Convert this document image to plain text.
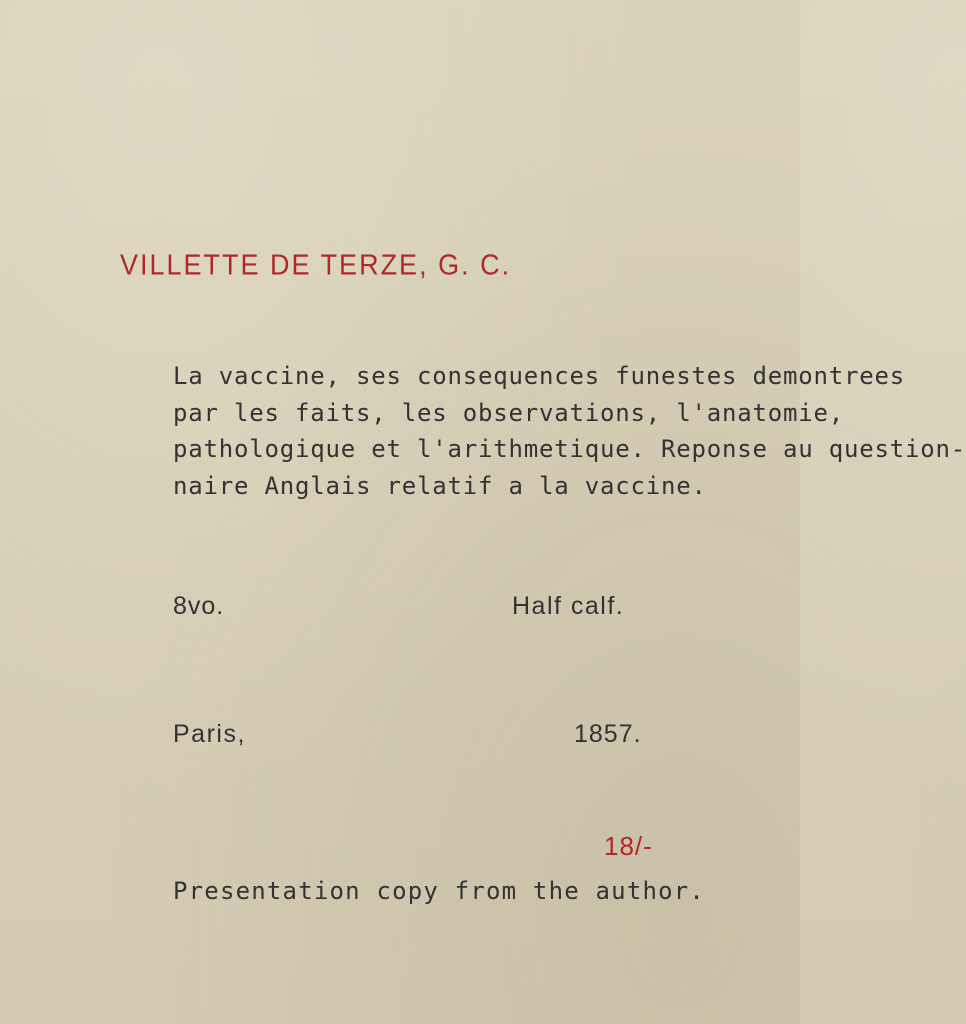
VILLETTE DE TERZE, G. C.
La vaccine, ses consequences funestes demontrees
par les faits, les observations, l'anatomie,
pathologique et l'arithmetique. Reponse au question-
naire Anglais relatif a la vaccine.
8vo.	Half calf.
Paris,	1857.
18/-
Presentation copy from the author.
